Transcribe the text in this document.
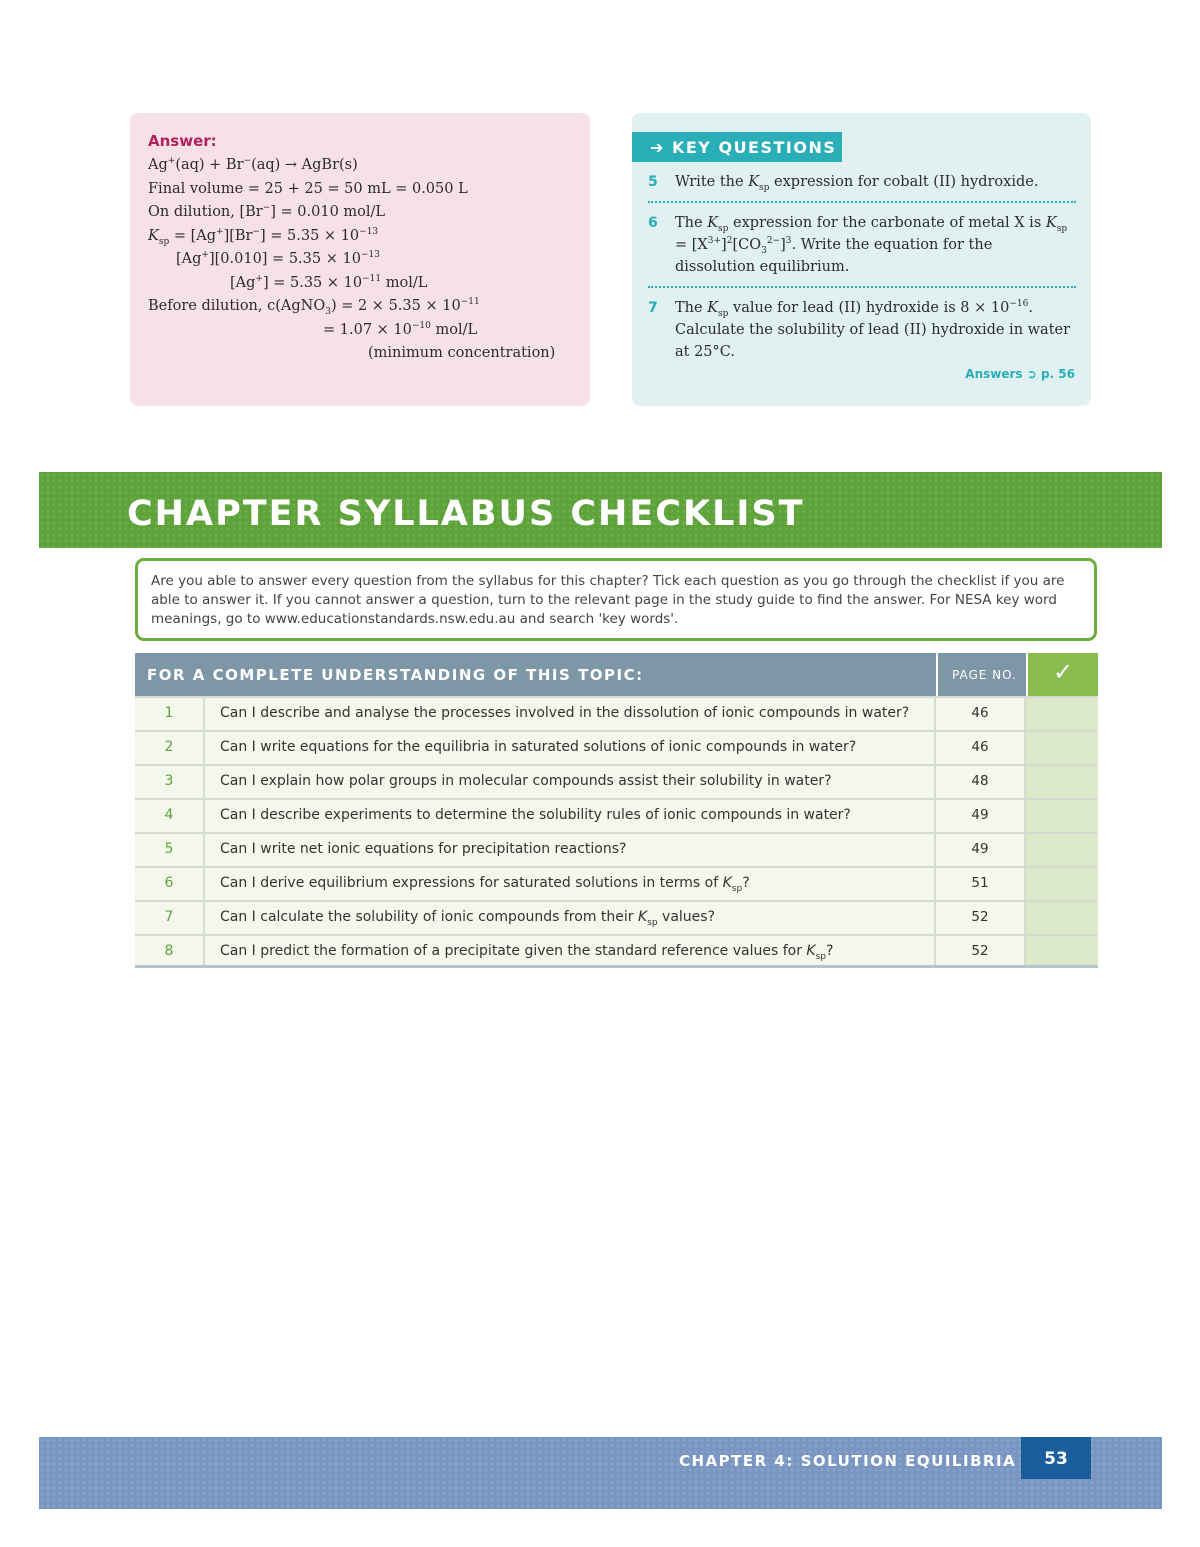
Answer:
Ag+(aq) + Br−(aq) → AgBr(s)
Final volume = 25 + 25 = 50 mL = 0.050 L
On dilution, [Br−] = 0.010 mol/L
$K_{sp} = [Ag^+][Br^-] = 5.35 \times 10^{-13}$
$[Ag^+][0.010] = 5.35 \times 10^{-13}$
$[Ag^+] = 5.35 \times 10^{-11}$ mol/L
Before dilution, c(AgNO$_3$) = $2 \times 5.35 \times 10^{-11}$
= $1.07 \times 10^{-10}$ mol/L
(minimum concentration)
➔ KEY QUESTIONS
5	Write the $K_{sp}$ expression for cobalt (II) hydroxide.
6	The $K_{sp}$ expression for the carbonate of metal X is $K_{sp} = [X^{3+}]^2[CO_3^{2-}]^3$. Write the equation for the dissolution equilibrium.
7	The $K_{sp}$ value for lead (II) hydroxide is $8 \times 10^{-16}$. Calculate the solubility of lead (II) hydroxide in water at 25°C.
Answers ➲ p. 56
CHAPTER SYLLABUS CHECKLIST
Are you able to answer every question from the syllabus for this chapter? Tick each question as you go through the checklist if you are able to answer it. If you cannot answer a question, turn to the relevant page in the study guide to find the answer. For NESA key word meanings, go to www.educationstandards.nsw.edu.au and search 'key words'.
FOR A COMPLETE UNDERSTANDING OF THIS TOPIC:	PAGE NO.	✓
1	Can I describe and analyse the processes involved in the dissolution of ionic compounds in water?	46
2	Can I write equations for the equilibria in saturated solutions of ionic compounds in water?	46
3	Can I explain how polar groups in molecular compounds assist their solubility in water?	48
4	Can I describe experiments to determine the solubility rules of ionic compounds in water?	49
5	Can I write net ionic equations for precipitation reactions?	49
6	Can I derive equilibrium expressions for saturated solutions in terms of $K_{sp}$?	51
7	Can I calculate the solubility of ionic compounds from their $K_{sp}$ values?	52
8	Can I predict the formation of a precipitate given the standard reference values for $K_{sp}$?	52
CHAPTER 4: SOLUTION EQUILIBRIA	53
